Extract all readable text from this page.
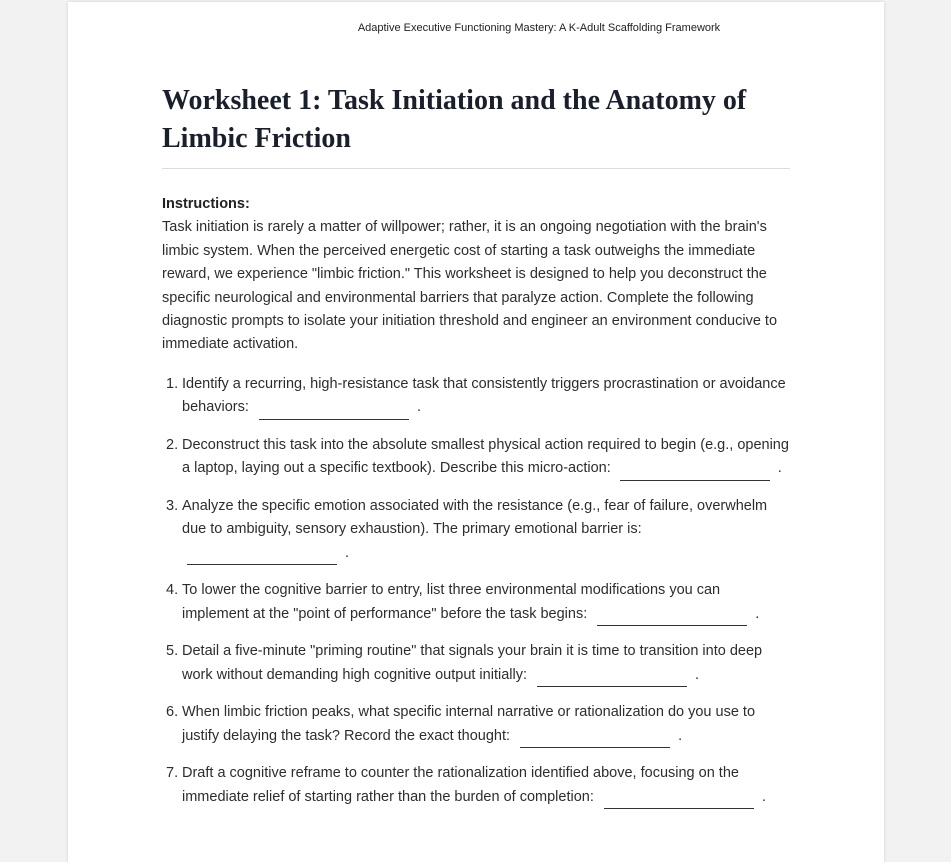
Adaptive Executive Functioning Mastery: A K-Adult Scaffolding Framework
Worksheet 1: Task Initiation and the Anatomy of Limbic Friction
Instructions:
Task initiation is rarely a matter of willpower; rather, it is an ongoing negotiation with the brain's limbic system. When the perceived energetic cost of starting a task outweighs the immediate reward, we experience "limbic friction." This worksheet is designed to help you deconstruct the specific neurological and environmental barriers that paralyze action. Complete the following diagnostic prompts to isolate your initiation threshold and engineer an environment conducive to immediate activation.
1. Identify a recurring, high-resistance task that consistently triggers procrastination or avoidance behaviors:	.
2. Deconstruct this task into the absolute smallest physical action required to begin (e.g., opening a laptop, laying out a specific textbook). Describe this micro-action:	.
3. Analyze the specific emotion associated with the resistance (e.g., fear of failure, overwhelm due to ambiguity, sensory exhaustion). The primary emotional barrier is: .
4. To lower the cognitive barrier to entry, list three environmental modifications you can implement at the "point of performance" before the task begins:	.
5. Detail a five-minute "priming routine" that signals your brain it is time to transition into deep work without demanding high cognitive output initially:	.
6. When limbic friction peaks, what specific internal narrative or rationalization do you use to justify delaying the task? Record the exact thought:	.
7. Draft a cognitive reframe to counter the rationalization identified above, focusing on the immediate relief of starting rather than the burden of completion:	.
